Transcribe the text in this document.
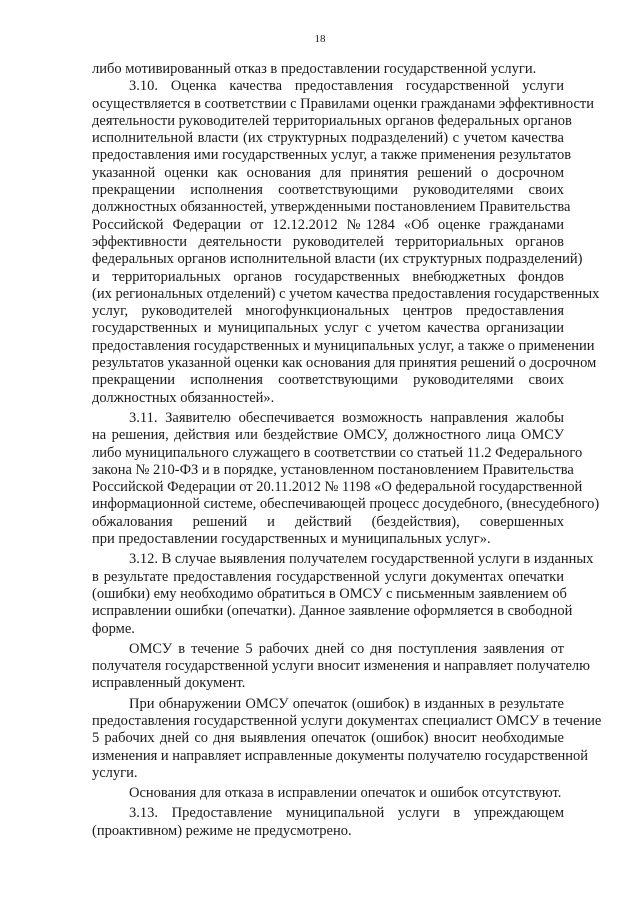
18
либо мотивированный отказ в предоставлении государственной услуги.
3.10. Оценка качества предоставления государственной услуги
осуществляется в соответствии с Правилами оценки гражданами эффективности
деятельности руководителей территориальных органов федеральных органов
исполнительной власти (их структурных подразделений) с учетом качества
предоставления ими государственных услуг, а также применения результатов
указанной оценки как основания для принятия решений о досрочном
прекращении исполнения соответствующими руководителями своих
должностных обязанностей, утвержденными постановлением Правительства
Российской Федерации от 12.12.2012 №1284 «Об оценке гражданами
эффективности деятельности руководителей территориальных органов
федеральных органов исполнительной власти (их структурных подразделений)
и территориальных органов государственных внебюджетных фондов
(их региональных отделений) с учетом качества предоставления государственных
услуг, руководителей многофункциональных центров предоставления
государственных и муниципальных услуг с учетом качества организации
предоставления государственных и муниципальных услуг, а также о применении
результатов указанной оценки как основания для принятия решений о досрочном
прекращении исполнения соответствующими руководителями своих
должностных обязанностей».
3.11. Заявителю обеспечивается возможность направления жалобы
на решения, действия или бездействие ОМСУ, должностного лица ОМСУ
либо муниципального служащего в соответствии со статьей 11.2 Федерального
закона № 210-ФЗ и в порядке, установленном постановлением Правительства
Российской Федерации от 20.11.2012 № 1198 «О федеральной государственной
информационной системе, обеспечивающей процесс досудебного, (внесудебного)
обжалования решений и действий (бездействия), совершенных
при предоставлении государственных и муниципальных услуг».
3.12. В случае выявления получателем государственной услуги в изданных
в результате предоставления государственной услуги документах опечатки
(ошибки) ему необходимо обратиться в ОМСУ с письменным заявлением об
исправлении ошибки (опечатки). Данное заявление оформляется в свободной
форме.
ОМСУ в течение 5 рабочих дней со дня поступления заявления от
получателя государственной услуги вносит изменения и направляет получателю
исправленный документ.
При обнаружении ОМСУ опечаток (ошибок) в изданных в результате
предоставления государственной услуги документах специалист ОМСУ в течение
5 рабочих дней со дня выявления опечаток (ошибок) вносит необходимые
изменения и направляет исправленные документы получателю государственной
услуги.
Основания для отказа в исправлении опечаток и ошибок отсутствуют.
3.13. Предоставление муниципальной услуги в упреждающем
(проактивном) режиме не предусмотрено.
